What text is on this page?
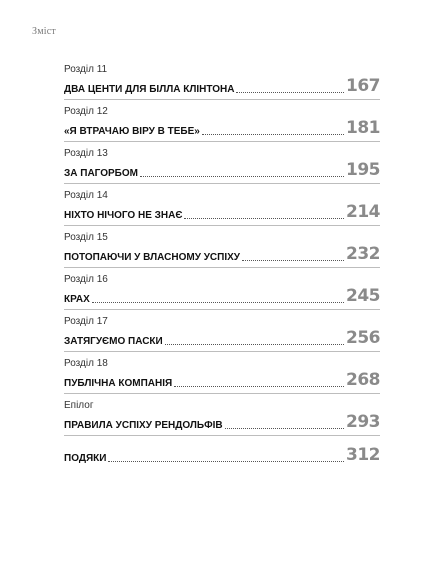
Зміст
Розділ 11
ДВА ЦЕНТИ ДЛЯ БІЛЛА КЛІНТОНА	167
Розділ 12
«Я ВТРАЧАЮ ВІРУ В ТЕБЕ»	181
Розділ 13
ЗА ПАГОРБОМ	195
Розділ 14
НІХТО НІЧОГО НЕ ЗНАЄ	214
Розділ 15
ПОТОПАЮЧИ У ВЛАСНОМУ УСПІХУ	232
Розділ 16
КРАХ	245
Розділ 17
ЗАТЯГУЄМО ПАСКИ	256
Розділ 18
ПУБЛІЧНА КОМПАНІЯ	268
Епілог
ПРАВИЛА УСПІХУ РЕНДОЛЬФІВ	293
ПОДЯКИ	312
